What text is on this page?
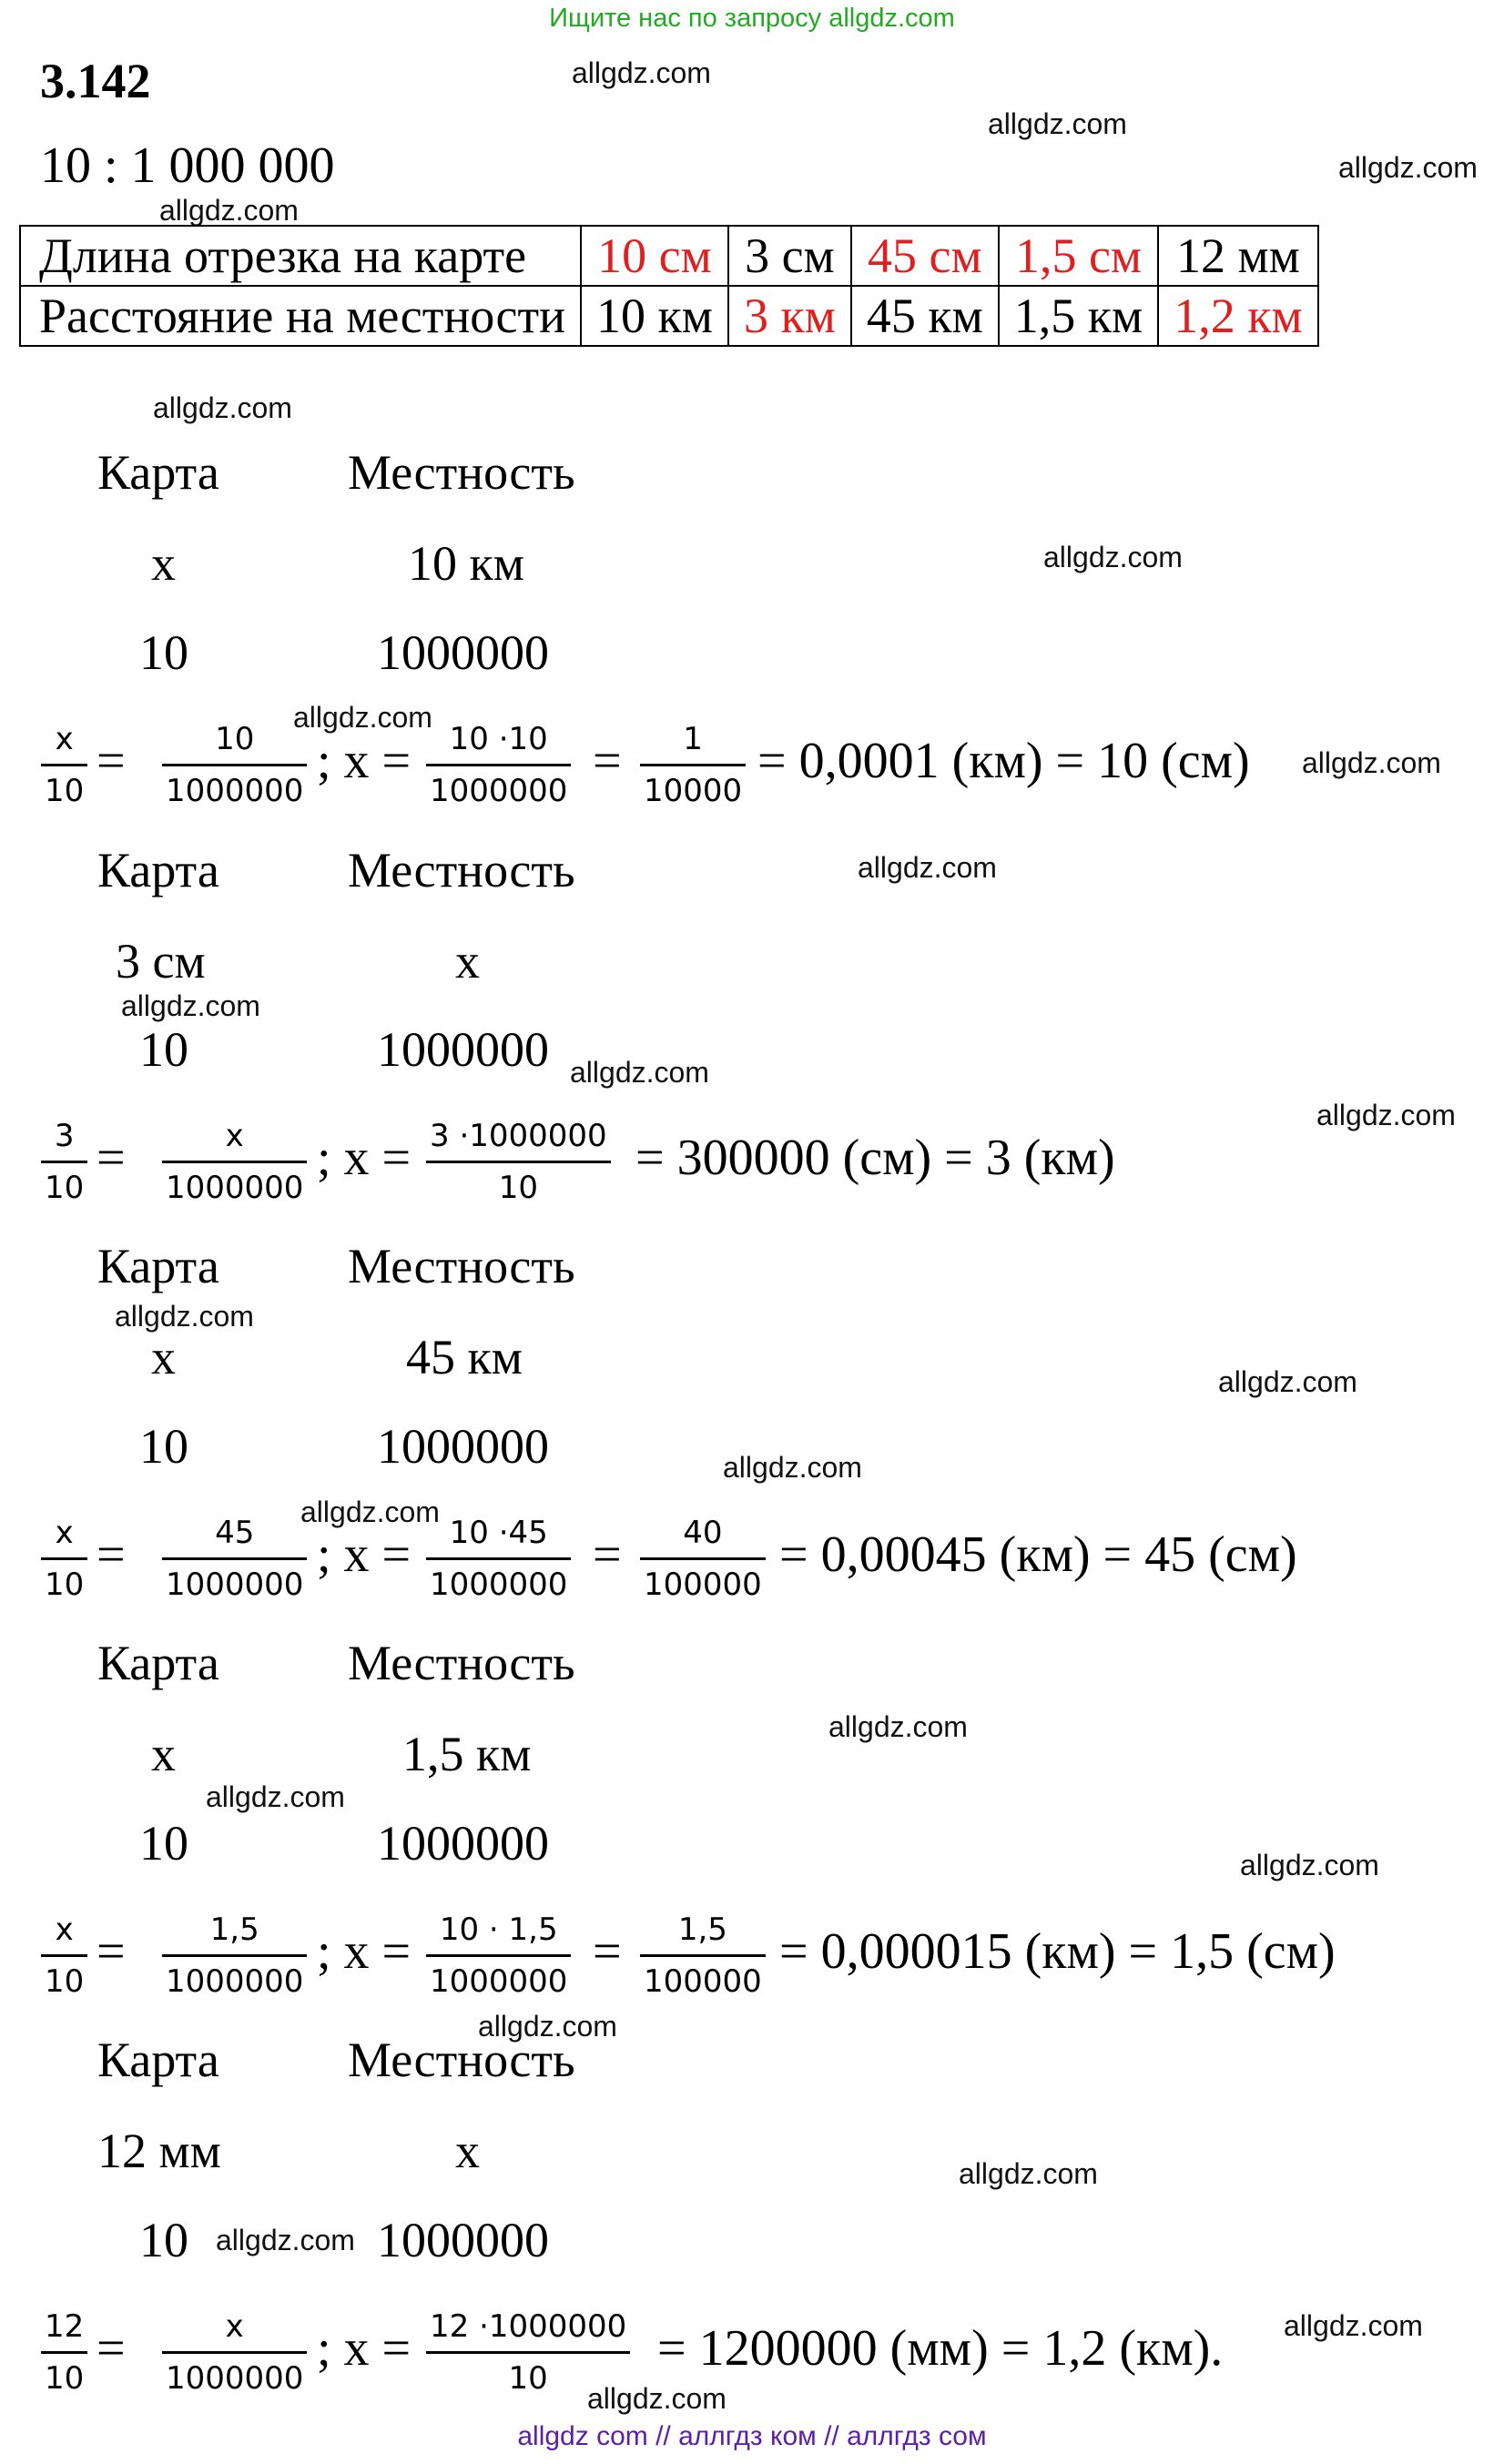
Ищите нас по запросу allgdz.com
3.142
10 : 1 000 000
Длина отрезка на карте	10 см	3 см	45 см	1,5 см	12 мм
Расстояние на местности	10 км	3 км	45 км	1,5 км	1,2 км
Карта	Местность
x	10 км
10	1000000
x
10
=	10
1000000
; x = 10 ·10
1000000
= 1
10000
= 0,0001 (км) = 10 (см)
Карта	Местность
3 см	x
10	1000000
3
10
=	x
1000000
; x = 3 ·1000000
10
= 300000 (см) = 3 (км)
Карта	Местность
x	45 км
10	1000000
x
10
=	45
1000000
; x = 10 ·45
1000000
= 40
100000
= 0,00045 (км) = 45 (см)
Карта	Местность
x	1,5 км
10	1000000
x
10
=	1,5
1000000
; x = 10 · 1,5
1000000
= 1,5
100000
= 0,000015 (км) = 1,5 (см)
Карта	Местность
12 мм	x
10	1000000
12
10
=	x
1000000
; x = 12 ·1000000
10
= 1200000 (мм) = 1,2 (км).
allgdz.com
allgdz.com
allgdz.com
allgdz.com
allgdz.com
allgdz.com
allgdz.com
allgdz.com
allgdz.com
allgdz.com
allgdz.com
allgdz.com
allgdz.com
allgdz.com
allgdz.com
allgdz.com
allgdz.com
allgdz.com
allgdz.com
allgdz.com
allgdz.com
allgdz.com
allgdz.com
allgdz.com
allgdz com // аллгдз ком // аллгдз сом
